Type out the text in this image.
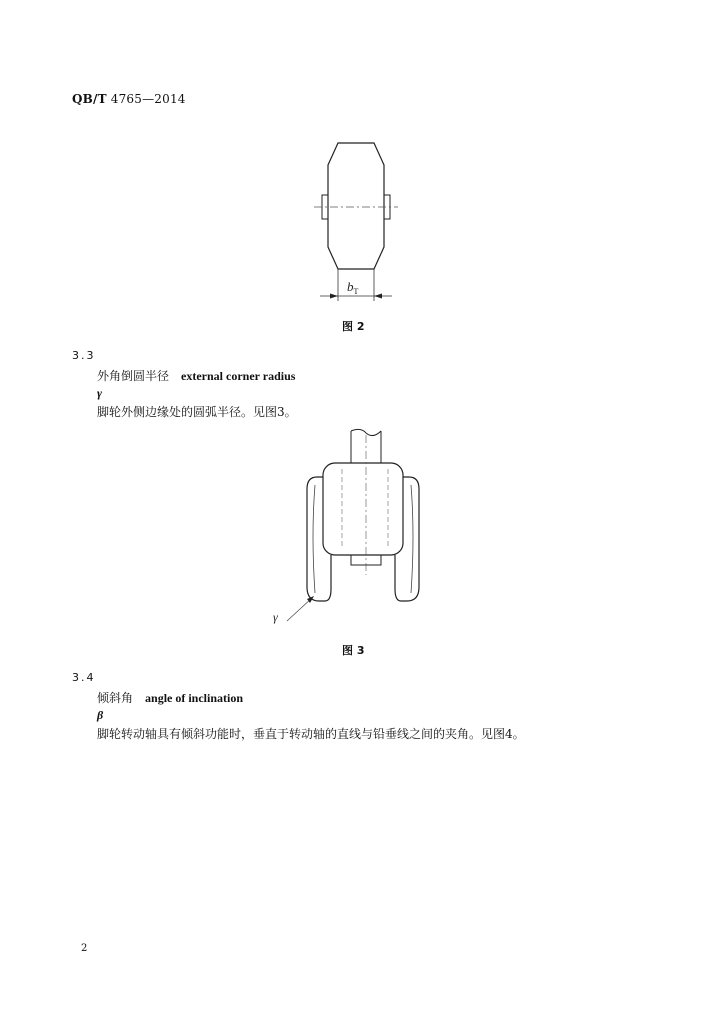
QB/T 4765—2014
$b_T$
图 2
3.3
外角倒圆半径 external corner radius
γ
脚轮外侧边缘处的圆弧半径。见图3。
γ
图 3
3.4
倾斜角 angle of inclination
β
脚轮转动轴具有倾斜功能时，垂直于转动轴的直线与铅垂线之间的夹角。见图4。
2
